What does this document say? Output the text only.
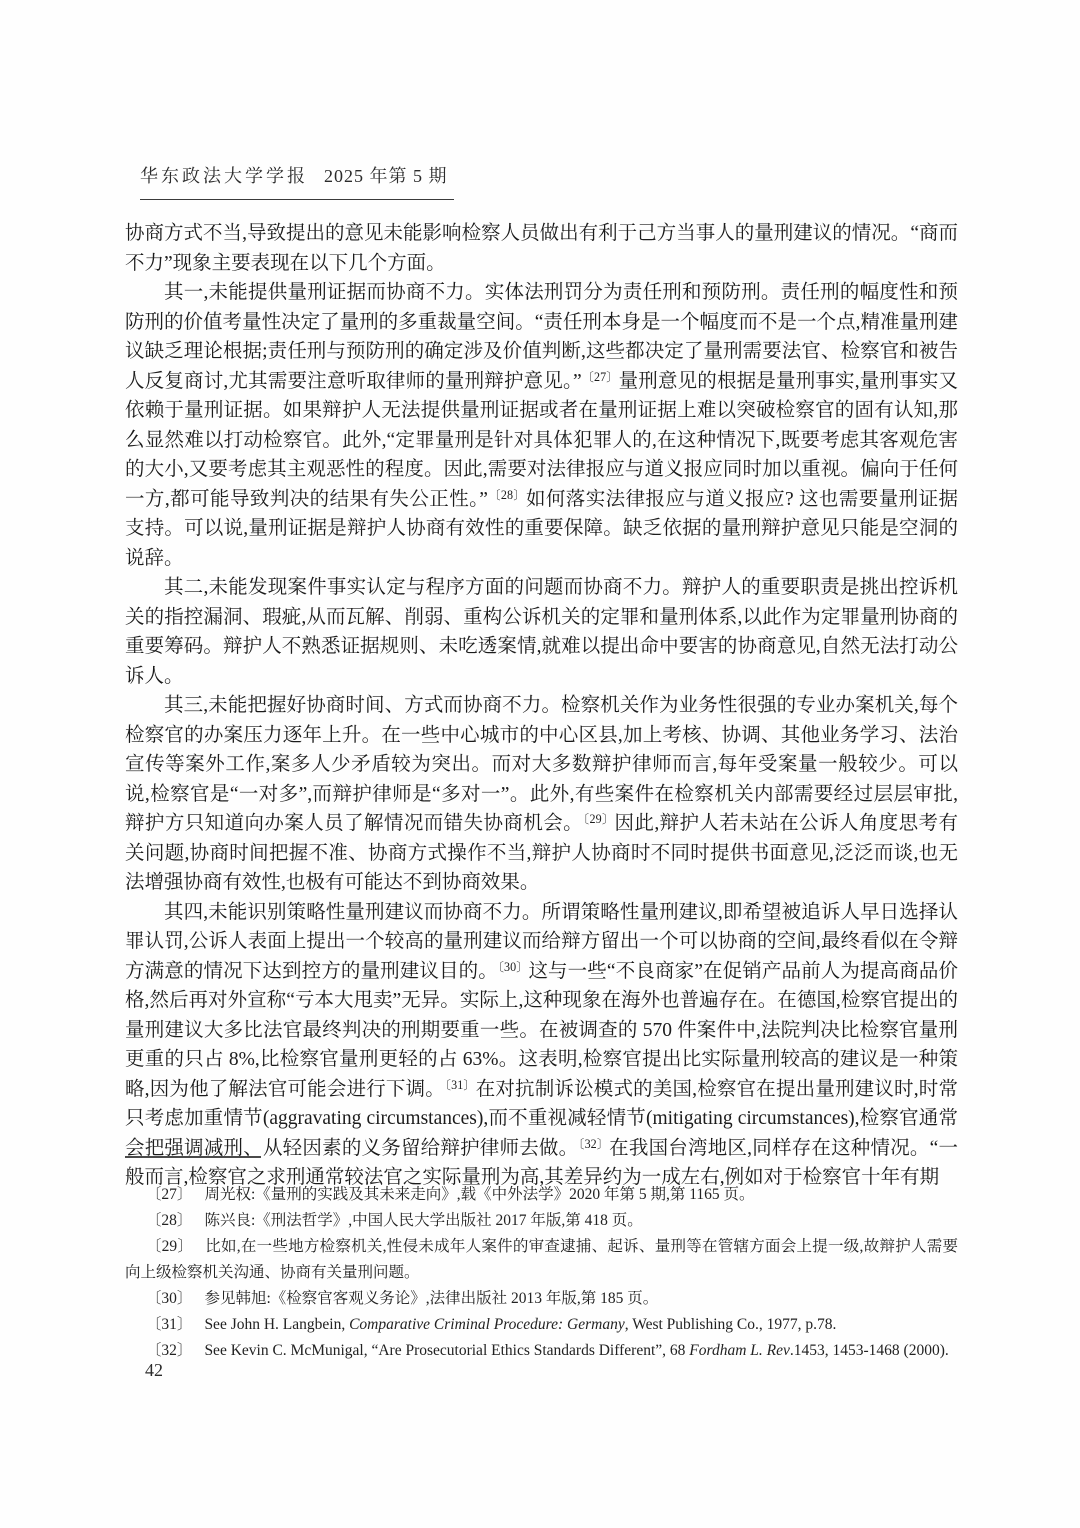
华东政法大学学报 2025 年第 5 期

协商方式不当,导致提出的意见未能影响检察人员做出有利于己方当事人的量刑建议的情况。“商而不力”现象主要表现在以下几个方面。

其一,未能提供量刑证据而协商不力。实体法刑罚分为责任刑和预防刑。责任刑的幅度性和预防刑的价值考量性决定了量刑的多重裁量空间。“责任刑本身是一个幅度而不是一个点,精准量刑建议缺乏理论根据;责任刑与预防刑的确定涉及价值判断,这些都决定了量刑需要法官、检察官和被告人反复商讨,尤其需要注意听取律师的量刑辩护意见。”$^{〔27〕}$量刑意见的根据是量刑事实,量刑事实又依赖于量刑证据。如果辩护人无法提供量刑证据或者在量刑证据上难以突破检察官的固有认知,那么显然难以打动检察官。此外,“定罪量刑是针对具体犯罪人的,在这种情况下,既要考虑其客观危害的大小,又要考虑其主观恶性的程度。因此,需要对法律报应与道义报应同时加以重视。偏向于任何一方,都可能导致判决的结果有失公正性。”$^{〔28〕}$如何落实法律报应与道义报应? 这也需要量刑证据支持。可以说,量刑证据是辩护人协商有效性的重要保障。缺乏依据的量刑辩护意见只能是空洞的说辞。

其二,未能发现案件事实认定与程序方面的问题而协商不力。辩护人的重要职责是挑出控诉机关的指控漏洞、瑕疵,从而瓦解、削弱、重构公诉机关的定罪和量刑体系,以此作为定罪量刑协商的重要筹码。辩护人不熟悉证据规则、未吃透案情,就难以提出命中要害的协商意见,自然无法打动公诉人。

其三,未能把握好协商时间、方式而协商不力。检察机关作为业务性很强的专业办案机关,每个检察官的办案压力逐年上升。在一些中心城市的中心区县,加上考核、协调、其他业务学习、法治宣传等案外工作,案多人少矛盾较为突出。而对大多数辩护律师而言,每年受案量一般较少。可以说,检察官是“一对多”,而辩护律师是“多对一”。此外,有些案件在检察机关内部需要经过层层审批,辩护方只知道向办案人员了解情况而错失协商机会。$^{〔29〕}$因此,辩护人若未站在公诉人角度思考有关问题,协商时间把握不准、协商方式操作不当,辩护人协商时不同时提供书面意见,泛泛而谈,也无法增强协商有效性,也极有可能达不到协商效果。

其四,未能识别策略性量刑建议而协商不力。所谓策略性量刑建议,即希望被追诉人早日选择认罪认罚,公诉人表面上提出一个较高的量刑建议而给辩方留出一个可以协商的空间,最终看似在令辩方满意的情况下达到控方的量刑建议目的。$^{〔30〕}$这与一些“不良商家”在促销产品前人为提高商品价格,然后再对外宣称“亏本大甩卖”无异。实际上,这种现象在海外也普遍存在。在德国,检察官提出的量刑建议大多比法官最终判决的刑期要重一些。在被调查的 570 件案件中,法院判决比检察官量刑更重的只占 8%,比检察官量刑更轻的占 63%。这表明,检察官提出比实际量刑较高的建议是一种策略,因为他了解法官可能会进行下调。$^{〔31〕}$在对抗制诉讼模式的美国,检察官在提出量刑建议时,时常只考虑加重情节(aggravating circumstances),而不重视减轻情节(mitigating circumstances),检察官通常会把强调减刑、从轻因素的义务留给辩护律师去做。$^{〔32〕}$在我国台湾地区,同样存在这种情况。“一般而言,检察官之求刑通常较法官之实际量刑为高,其差异约为一成左右,例如对于检察官十年有期

〔27〕 周光权:《量刑的实践及其未来走向》,载《中外法学》2020 年第 5 期,第 1165 页。

〔28〕 陈兴良:《刑法哲学》,中国人民大学出版社 2017 年版,第 418 页。

〔29〕 比如,在一些地方检察机关,性侵未成年人案件的审查逮捕、起诉、量刑等在管辖方面会上提一级,故辩护人需要向上级检察机关沟通、协商有关量刑问题。

〔30〕 参见韩旭:《检察官客观义务论》,法律出版社 2013 年版,第 185 页。

〔31〕 See John H. Langbein, Comparative Criminal Procedure: Germany, West Publishing Co., 1977, p.78.

〔32〕 See Kevin C. McMunigal, “Are Prosecutorial Ethics Standards Different”, 68 Fordham L. Rev.1453, 1453-1468 (2000).

42
